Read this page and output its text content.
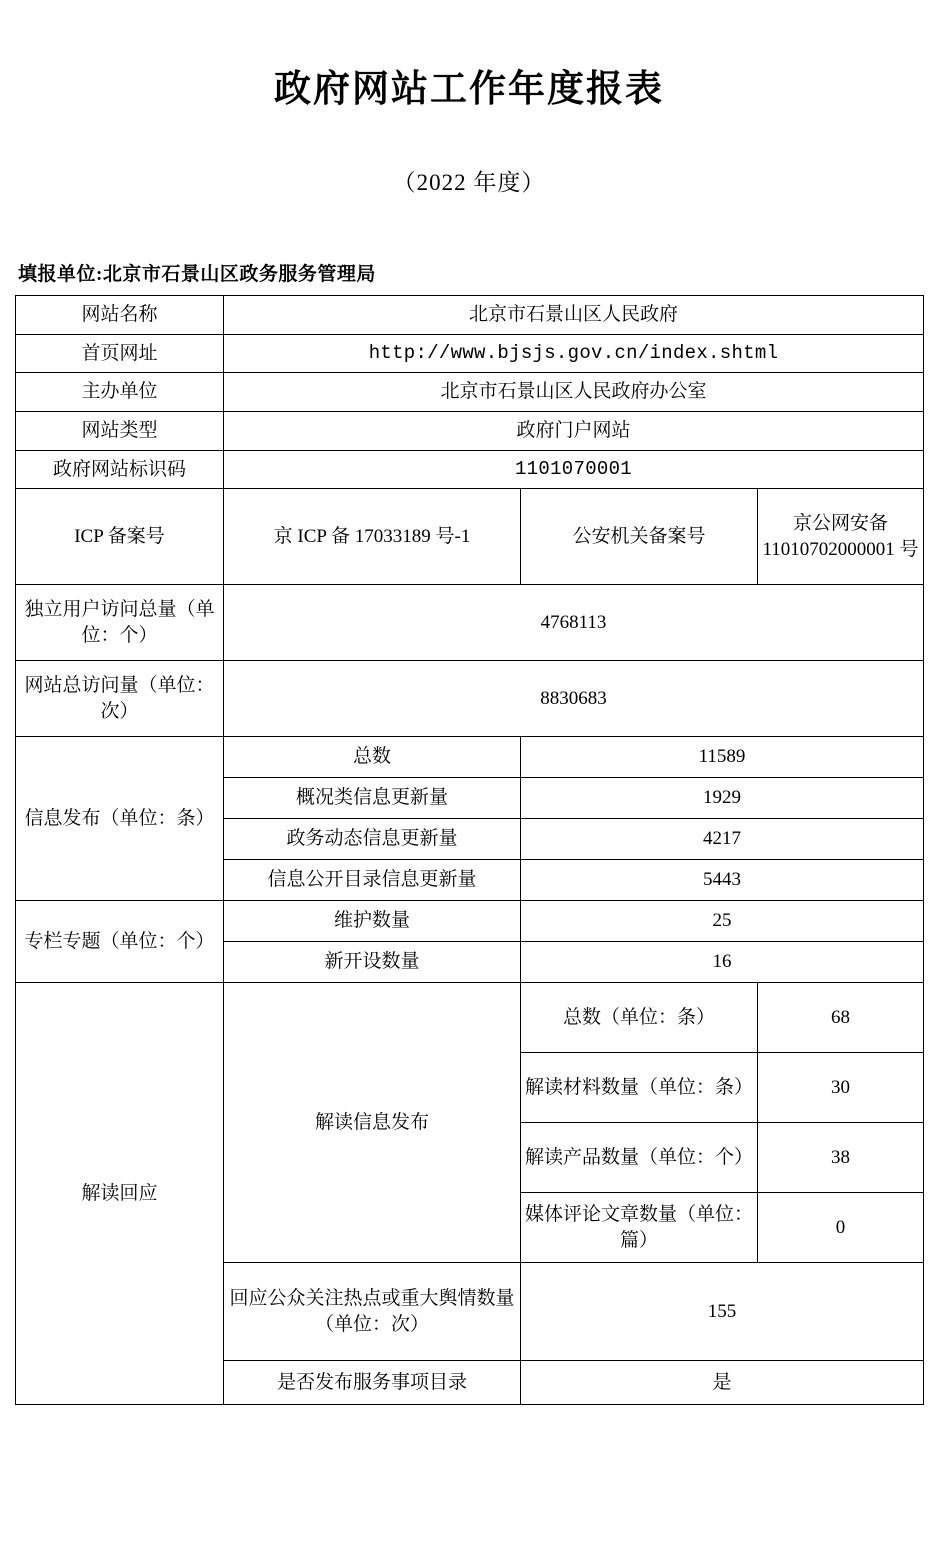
政府网站工作年度报表
（2022 年度）
填报单位:北京市石景山区政务服务管理局
网站名称	北京市石景山区人民政府		
首页网址	http://www.bjsjs.gov.cn/index.shtml		
主办单位	北京市石景山区人民政府办公室		
网站类型	政府门户网站		
政府网站标识码	1101070001		
ICP 备案号	京 ICP 备 17033189 号-1	公安机关备案号	京公网安备 11010702000001 号
独立用户访问总量（单位：个）	4768113		
网站总访问量（单位：次）	8830683		
信息发布（单位：条）	总数	11589	
	概况类信息更新量	1929	
	政务动态信息更新量	4217	
	信息公开目录信息更新量	5443	
专栏专题（单位：个）	维护数量	25	
	新开设数量	16	
解读回应	解读信息发布	总数（单位：条）	68
		解读材料数量（单位：条）	30
		解读产品数量（单位：个）	38
		媒体评论文章数量（单位：篇）	0
	回应公众关注热点或重大舆情数量（单位：次）	155	
	是否发布服务事项目录	是	
